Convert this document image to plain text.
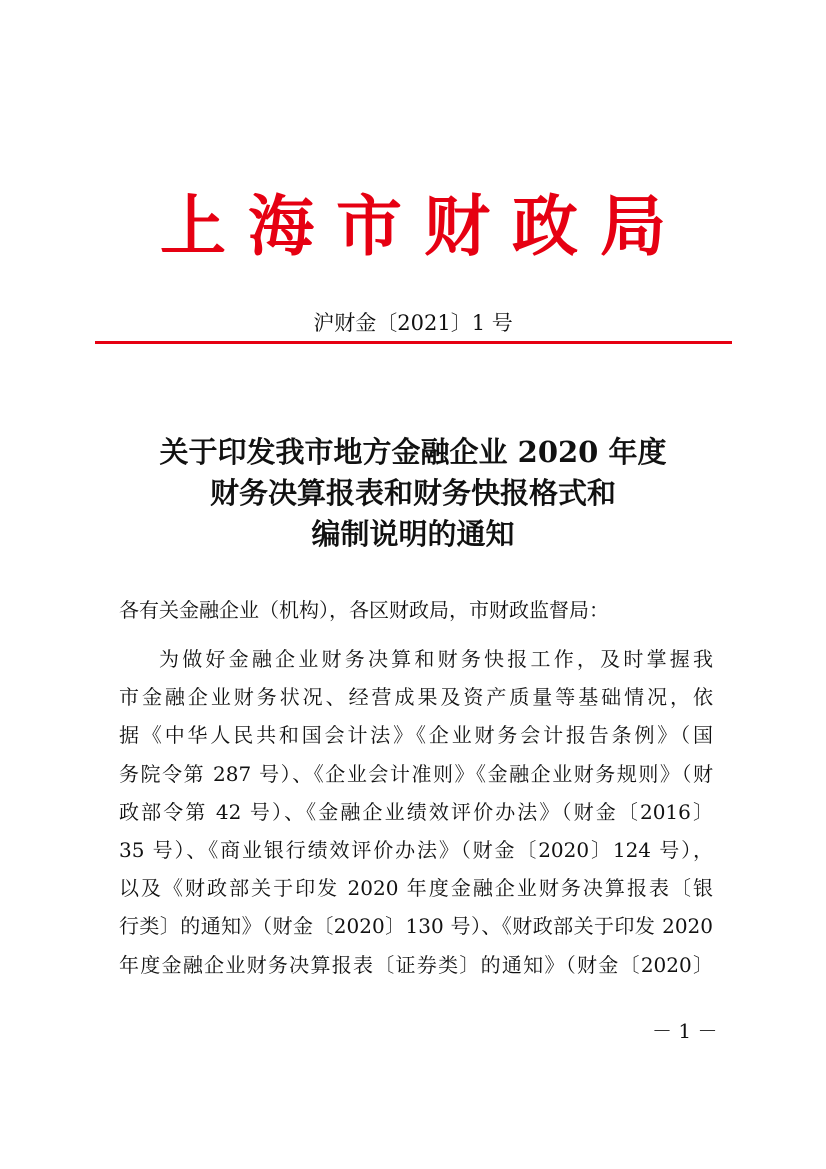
上海市财政局
沪财金〔2021〕1 号
关于印发我市地方金融企业 2020 年度
财务决算报表和财务快报格式和
编制说明的通知
各有关金融企业（机构），各区财政局，市财政监督局：
为做好金融企业财务决算和财务快报工作，及时掌握我
市金融企业财务状况、经营成果及资产质量等基础情况，依
据《中华人民共和国会计法》《企业财务会计报告条例》（国
务院令第 287 号）、《企业会计准则》《金融企业财务规则》（财
政部令第 42 号）、《金融企业绩效评价办法》（财金〔2016〕
35 号）、《商业银行绩效评价办法》（财金〔2020〕124 号），
以及《财政部关于印发 2020 年度金融企业财务决算报表〔银
行类〕的通知》（财金〔2020〕130 号）、《财政部关于印发 2020
年度金融企业财务决算报表〔证券类〕的通知》（财金〔2020〕
－ 1 －
